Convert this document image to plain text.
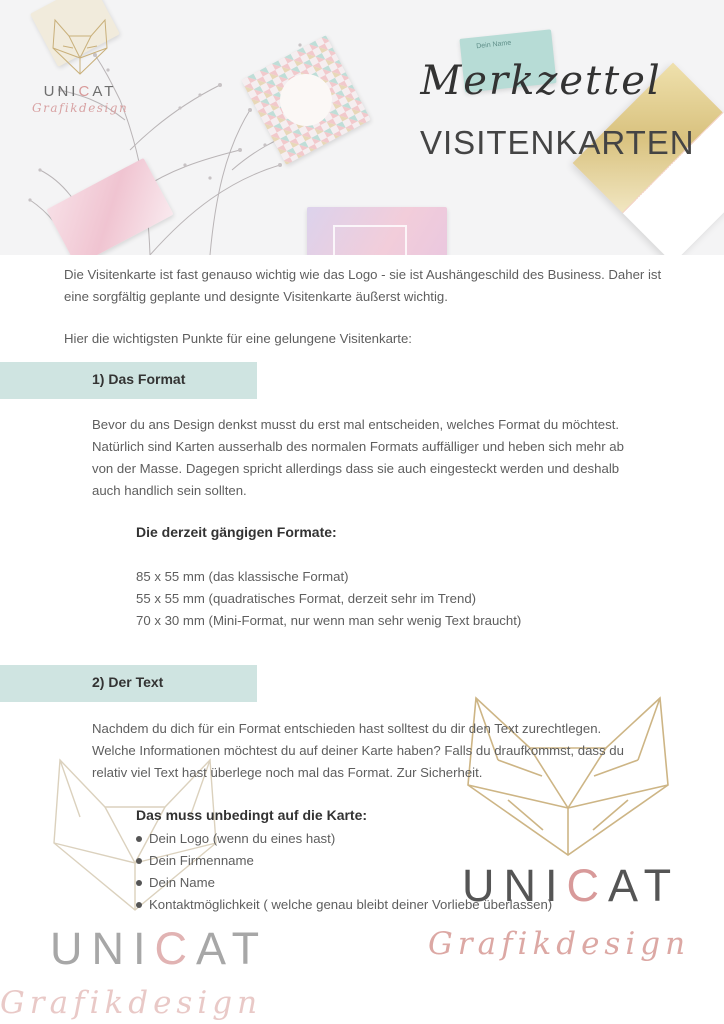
Dein Name
UNICAT
Grafikdesign
Merkzettel
VISITENKARTEN

Die Visitenkarte ist fast genauso wichtig wie das Logo - sie ist Aushängeschild des Business. Daher ist eine sorgfältig geplante und designte Visitenkarte äußerst wichtig.

Hier die wichtigsten Punkte für eine gelungene Visitenkarte:

1) Das Format

Bevor du ans Design denkst musst du erst mal entscheiden, welches Format du möchtest. Natürlich sind Karten ausserhalb des normalen Formats auffälliger und heben sich mehr ab von der Masse. Dagegen spricht allerdings dass sie auch eingesteckt werden und deshalb auch handlich sein sollten.

Die derzeit gängigen Formate:
85 x 55 mm (das klassische Format)
55 x 55 mm (quadratisches Format, derzeit sehr im Trend)
70 x 30 mm (Mini-Format, nur wenn man sehr wenig Text braucht)
UNICAT
Grafikdesign
UNICAT
Grafikdesign
2) Der Text

Nachdem du dich für ein Format entschieden hast solltest du dir den Text zurechtlegen. Welche Informationen möchtest du auf deiner Karte haben? Falls du draufkommst, dass du relativ viel Text hast überlege noch mal das Format. Zur Sicherheit.

Das muss unbedingt auf die Karte:
Dein Logo (wenn du eines hast)
Dein Firmenname
Dein Name
Kontaktmöglichkeit ( welche genau bleibt deiner Vorliebe überlassen)
